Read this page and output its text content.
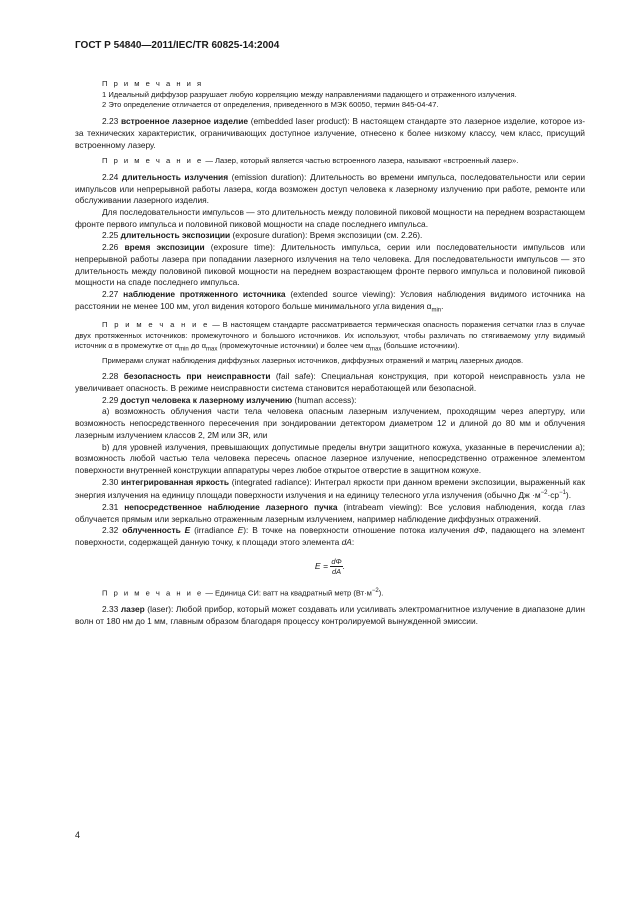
ГОСТ Р 54840—2011/IEC/TR 60825-14:2004

П р и м е ч а н и я

1 Идеальный диффузор разрушает любую корреляцию между направлениями падающего и отраженного излучения.

2 Это определение отличается от определения, приведенного в МЭК 60050, термин 845-04-47.

2.23 встроенное лазерное изделие (embedded laser product): В настоящем стандарте это лазерное изделие, которое из-за технических характеристик, ограничивающих доступное излучение, отнесено к более низкому классу, чем класс, присущий встроенному лазеру.

П р и м е ч а н и е — Лазер, который является частью встроенного лазера, называют «встроенный лазер».

2.24 длительность излучения (emission duration): Длительность во времени импульса, последовательности или серии импульсов или непрерывной работы лазера, когда возможен доступ человека к лазерному излучению при работе, ремонте или обслуживании лазерного изделия.

Для последовательности импульсов — это длительность между половиной пиковой мощности на переднем возрастающем фронте первого импульса и половиной пиковой мощности на спаде последнего импульса.

2.25 длительность экспозиции (exposure duration): Время экспозиции (см. 2.26).

2.26 время экспозиции (exposure time): Длительность импульса, серии или последовательности импульсов или непрерывной работы лазера при попадании лазерного излучения на тело человека. Для последовательности импульсов — это длительность между половиной пиковой мощности на переднем возрастающем фронте первого импульса и половиной пиковой мощности на спаде последнего импульса.

2.27 наблюдение протяженного источника (extended source viewing): Условия наблюдения видимого источника на расстоянии не менее 100 мм, угол видения которого больше минимального угла видения $\alpha_{min}$.

П р и м е ч а н и е — В настоящем стандарте рассматривается термическая опасность поражения сетчатки глаз в случае двух протяженных источников: промежуточного и большого источников. Их используют, чтобы различать по стягиваемому углу видимый источник α в промежутке от $\alpha_{min}$ до $\alpha_{max}$ (промежуточные источники) и более чем $\alpha_{max}$ (большие источники).

Примерами служат наблюдения диффузных лазерных источников, диффузных отражений и матриц лазерных диодов.

2.28 безопасность при неисправности (fail safe): Специальная конструкция, при которой неисправность узла не увеличивает опасность. В режиме неисправности система становится неработающей или безопасной.

2.29 доступ человека к лазерному излучению (human access):

а) возможность облучения части тела человека опасным лазерным излучением, проходящим через апертуру, или возможность непосредственного пересечения при зондировании детектором диаметром 12 и длиной до 80 мм и облучения лазерным излучением классов 2, 2М или 3R, или

b) для уровней излучения, превышающих допустимые пределы внутри защитного кожуха, указанные в перечислении а); возможность любой частью тела человека пересечь опасное лазерное излучение, непосредственно отраженное элементом поверхности внутренней конструкции аппаратуры через любое открытое отверстие в защитном кожухе.

2.30 интегрированная яркость (integrated radiance): Интеграл яркости при данном времени экспозиции, выраженный как энергия излучения на единицу площади поверхности излучения и на единицу телесного угла излучения (обычно Дж $\cdot м^{-2}\cdot ср^{-1}$).

2.31 непосредственное наблюдение лазерного пучка (intrabeam viewing): Все условия наблюдения, когда глаз облучается прямым или зеркально отраженным лазерным излучением, например наблюдение диффузных отражений.

2.32 облученность E (irradiance E): В точке на поверхности отношение потока излучения dΦ, падающего на элемент поверхности, содержащей данную точку, к площади этого элемента dA:

$E = \frac{d\Phi}{dA}$ .

П р и м е ч а н и е — Единица СИ: ватт на квадратный метр $(Вт\cdot м^{-2})$.

2.33 лазер (laser): Любой прибор, который может создавать или усиливать электромагнитное излучение в диапазоне длин волн от 180 нм до 1 мм, главным образом благодаря процессу контролируемой вынужденной эмиссии.

4
